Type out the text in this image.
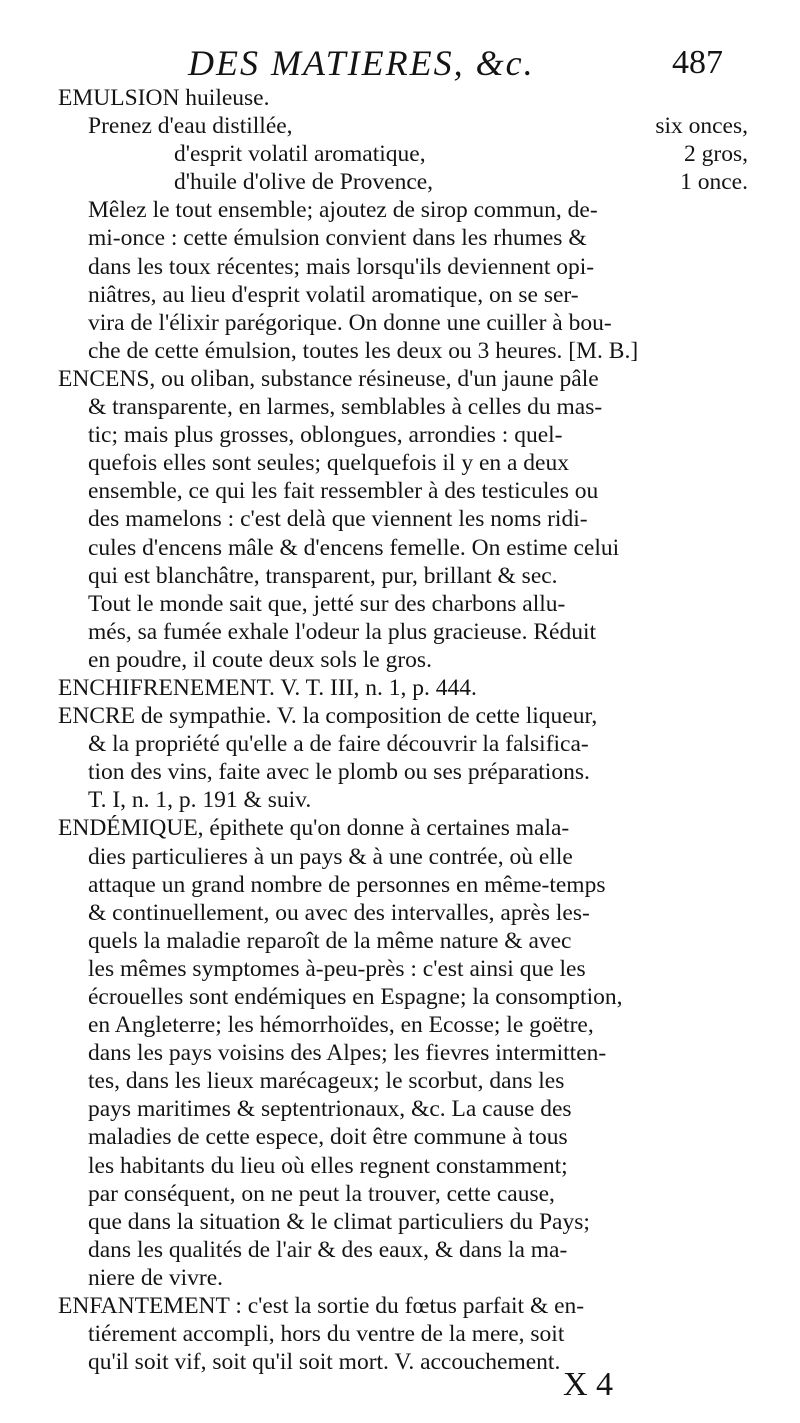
DES MATIERES, &c.	487
EMULSION huileuse.
Prenez d'eau distillée,	six onces,
d'esprit volatil aromatique,	2 gros,
d'huile d'olive de Provence,	1 once.
Mêlez le tout ensemble; ajoutez de sirop commun, de-
mi-once : cette émulsion convient dans les rhumes &
dans les toux récentes; mais lorsqu'ils deviennent opi-
niâtres, au lieu d'esprit volatil aromatique, on se ser-
vira de l'élixir parégorique. On donne une cuiller à bou-
che de cette émulsion, toutes les deux ou 3 heures. [M. B.]
ENCENS, ou oliban, substance résineuse, d'un jaune pâle
& transparente, en larmes, semblables à celles du mas-
tic; mais plus grosses, oblongues, arrondies : quel-
quefois elles sont seules; quelquefois il y en a deux
ensemble, ce qui les fait ressembler à des testicules ou
des mamelons : c'est delà que viennent les noms ridi-
cules d'encens mâle & d'encens femelle. On estime celui
qui est blanchâtre, transparent, pur, brillant & sec.
Tout le monde sait que, jetté sur des charbons allu-
més, sa fumée exhale l'odeur la plus gracieuse. Réduit
en poudre, il coute deux sols le gros.
ENCHIFRENEMENT. V. T. III, n. 1, p. 444.
ENCRE de sympathie. V. la composition de cette liqueur,
& la propriété qu'elle a de faire découvrir la falsifica-
tion des vins, faite avec le plomb ou ses préparations.
T. I, n. 1, p. 191 & suiv.
ENDÉMIQUE, épithete qu'on donne à certaines mala-
dies particulieres à un pays & à une contrée, où elle
attaque un grand nombre de personnes en même-temps
& continuellement, ou avec des intervalles, après les-
quels la maladie reparoît de la même nature & avec
les mêmes symptomes à-peu-près : c'est ainsi que les
écrouelles sont endémiques en Espagne; la consomption,
en Angleterre; les hémorrhoïdes, en Ecosse; le goëtre,
dans les pays voisins des Alpes; les fievres intermitten-
tes, dans les lieux marécageux; le scorbut, dans les
pays maritimes & septentrionaux, &c. La cause des
maladies de cette espece, doit être commune à tous
les habitants du lieu où elles regnent constamment;
par conséquent, on ne peut la trouver, cette cause,
que dans la situation & le climat particuliers du Pays;
dans les qualités de l'air & des eaux, & dans la ma-
niere de vivre.
ENFANTEMENT : c'est la sortie du fœtus parfait & en-
tiérement accompli, hors du ventre de la mere, soit
qu'il soit vif, soit qu'il soit mort. V. accouchement.
X 4
